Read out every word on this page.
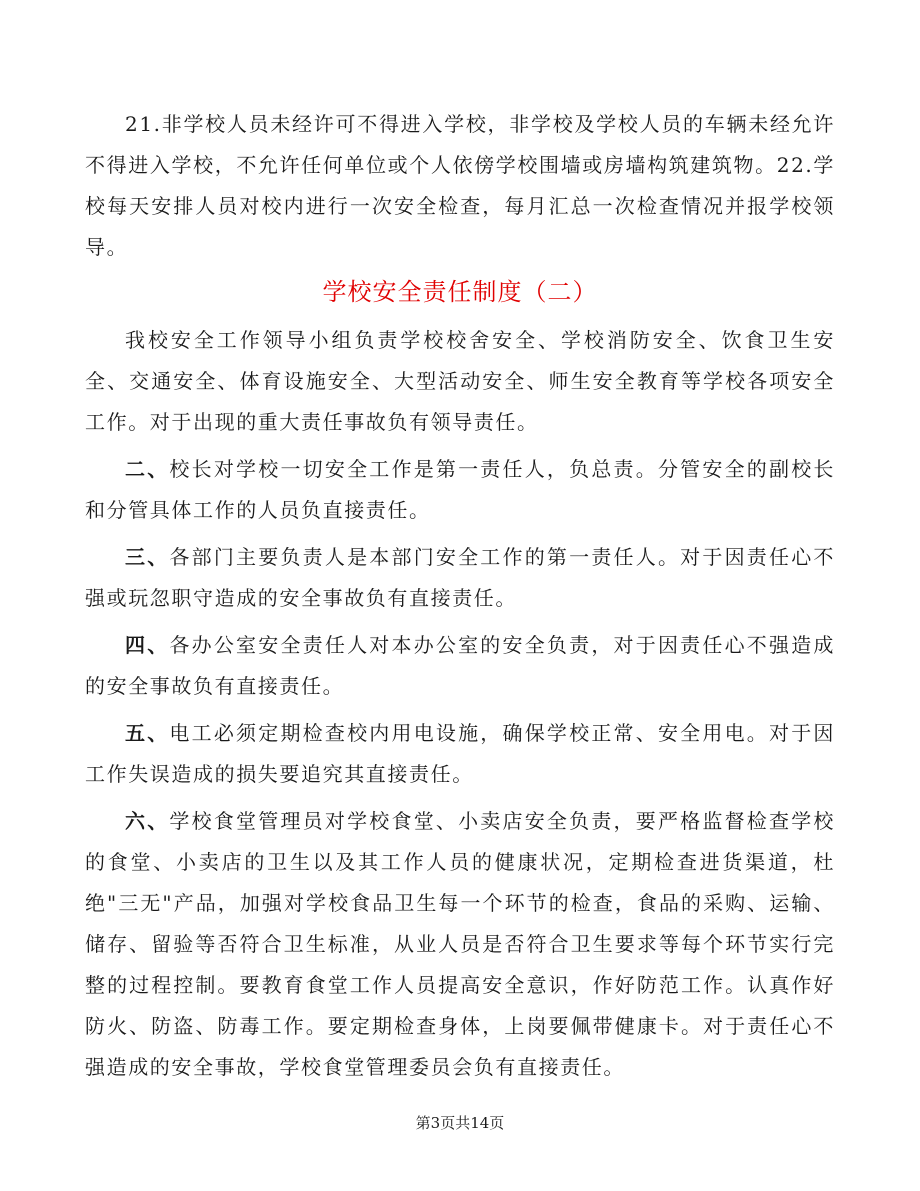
21.非学校人员未经许可不得进入学校，非学校及学校人员的车辆未经允许不得进入学校，不允许任何单位或个人依傍学校围墙或房墙构筑建筑物。22.学校每天安排人员对校内进行一次安全检查，每月汇总一次检查情况并报学校领导。

学校安全责任制度（二）

我校安全工作领导小组负责学校校舍安全、学校消防安全、饮食卫生安全、交通安全、体育设施安全、大型活动安全、师生安全教育等学校各项安全工作。对于出现的重大责任事故负有领导责任。

二、校长对学校一切安全工作是第一责任人，负总责。分管安全的副校长和分管具体工作的人员负直接责任。

三、各部门主要负责人是本部门安全工作的第一责任人。对于因责任心不强或玩忽职守造成的安全事故负有直接责任。

四、各办公室安全责任人对本办公室的安全负责，对于因责任心不强造成的安全事故负有直接责任。

五、电工必须定期检查校内用电设施，确保学校正常、安全用电。对于因工作失误造成的损失要追究其直接责任。

六、学校食堂管理员对学校食堂、小卖店安全负责，要严格监督检查学校的食堂、小卖店的卫生以及其工作人员的健康状况，定期检查进货渠道，杜绝"三无"产品，加强对学校食品卫生每一个环节的检查，食品的采购、运输、储存、留验等否符合卫生标准，从业人员是否符合卫生要求等每个环节实行完整的过程控制。要教育食堂工作人员提高安全意识，作好防范工作。认真作好防火、防盗、防毒工作。要定期检查身体，上岗要佩带健康卡。对于责任心不强造成的安全事故，学校食堂管理委员会负有直接责任。

第3页共14页
